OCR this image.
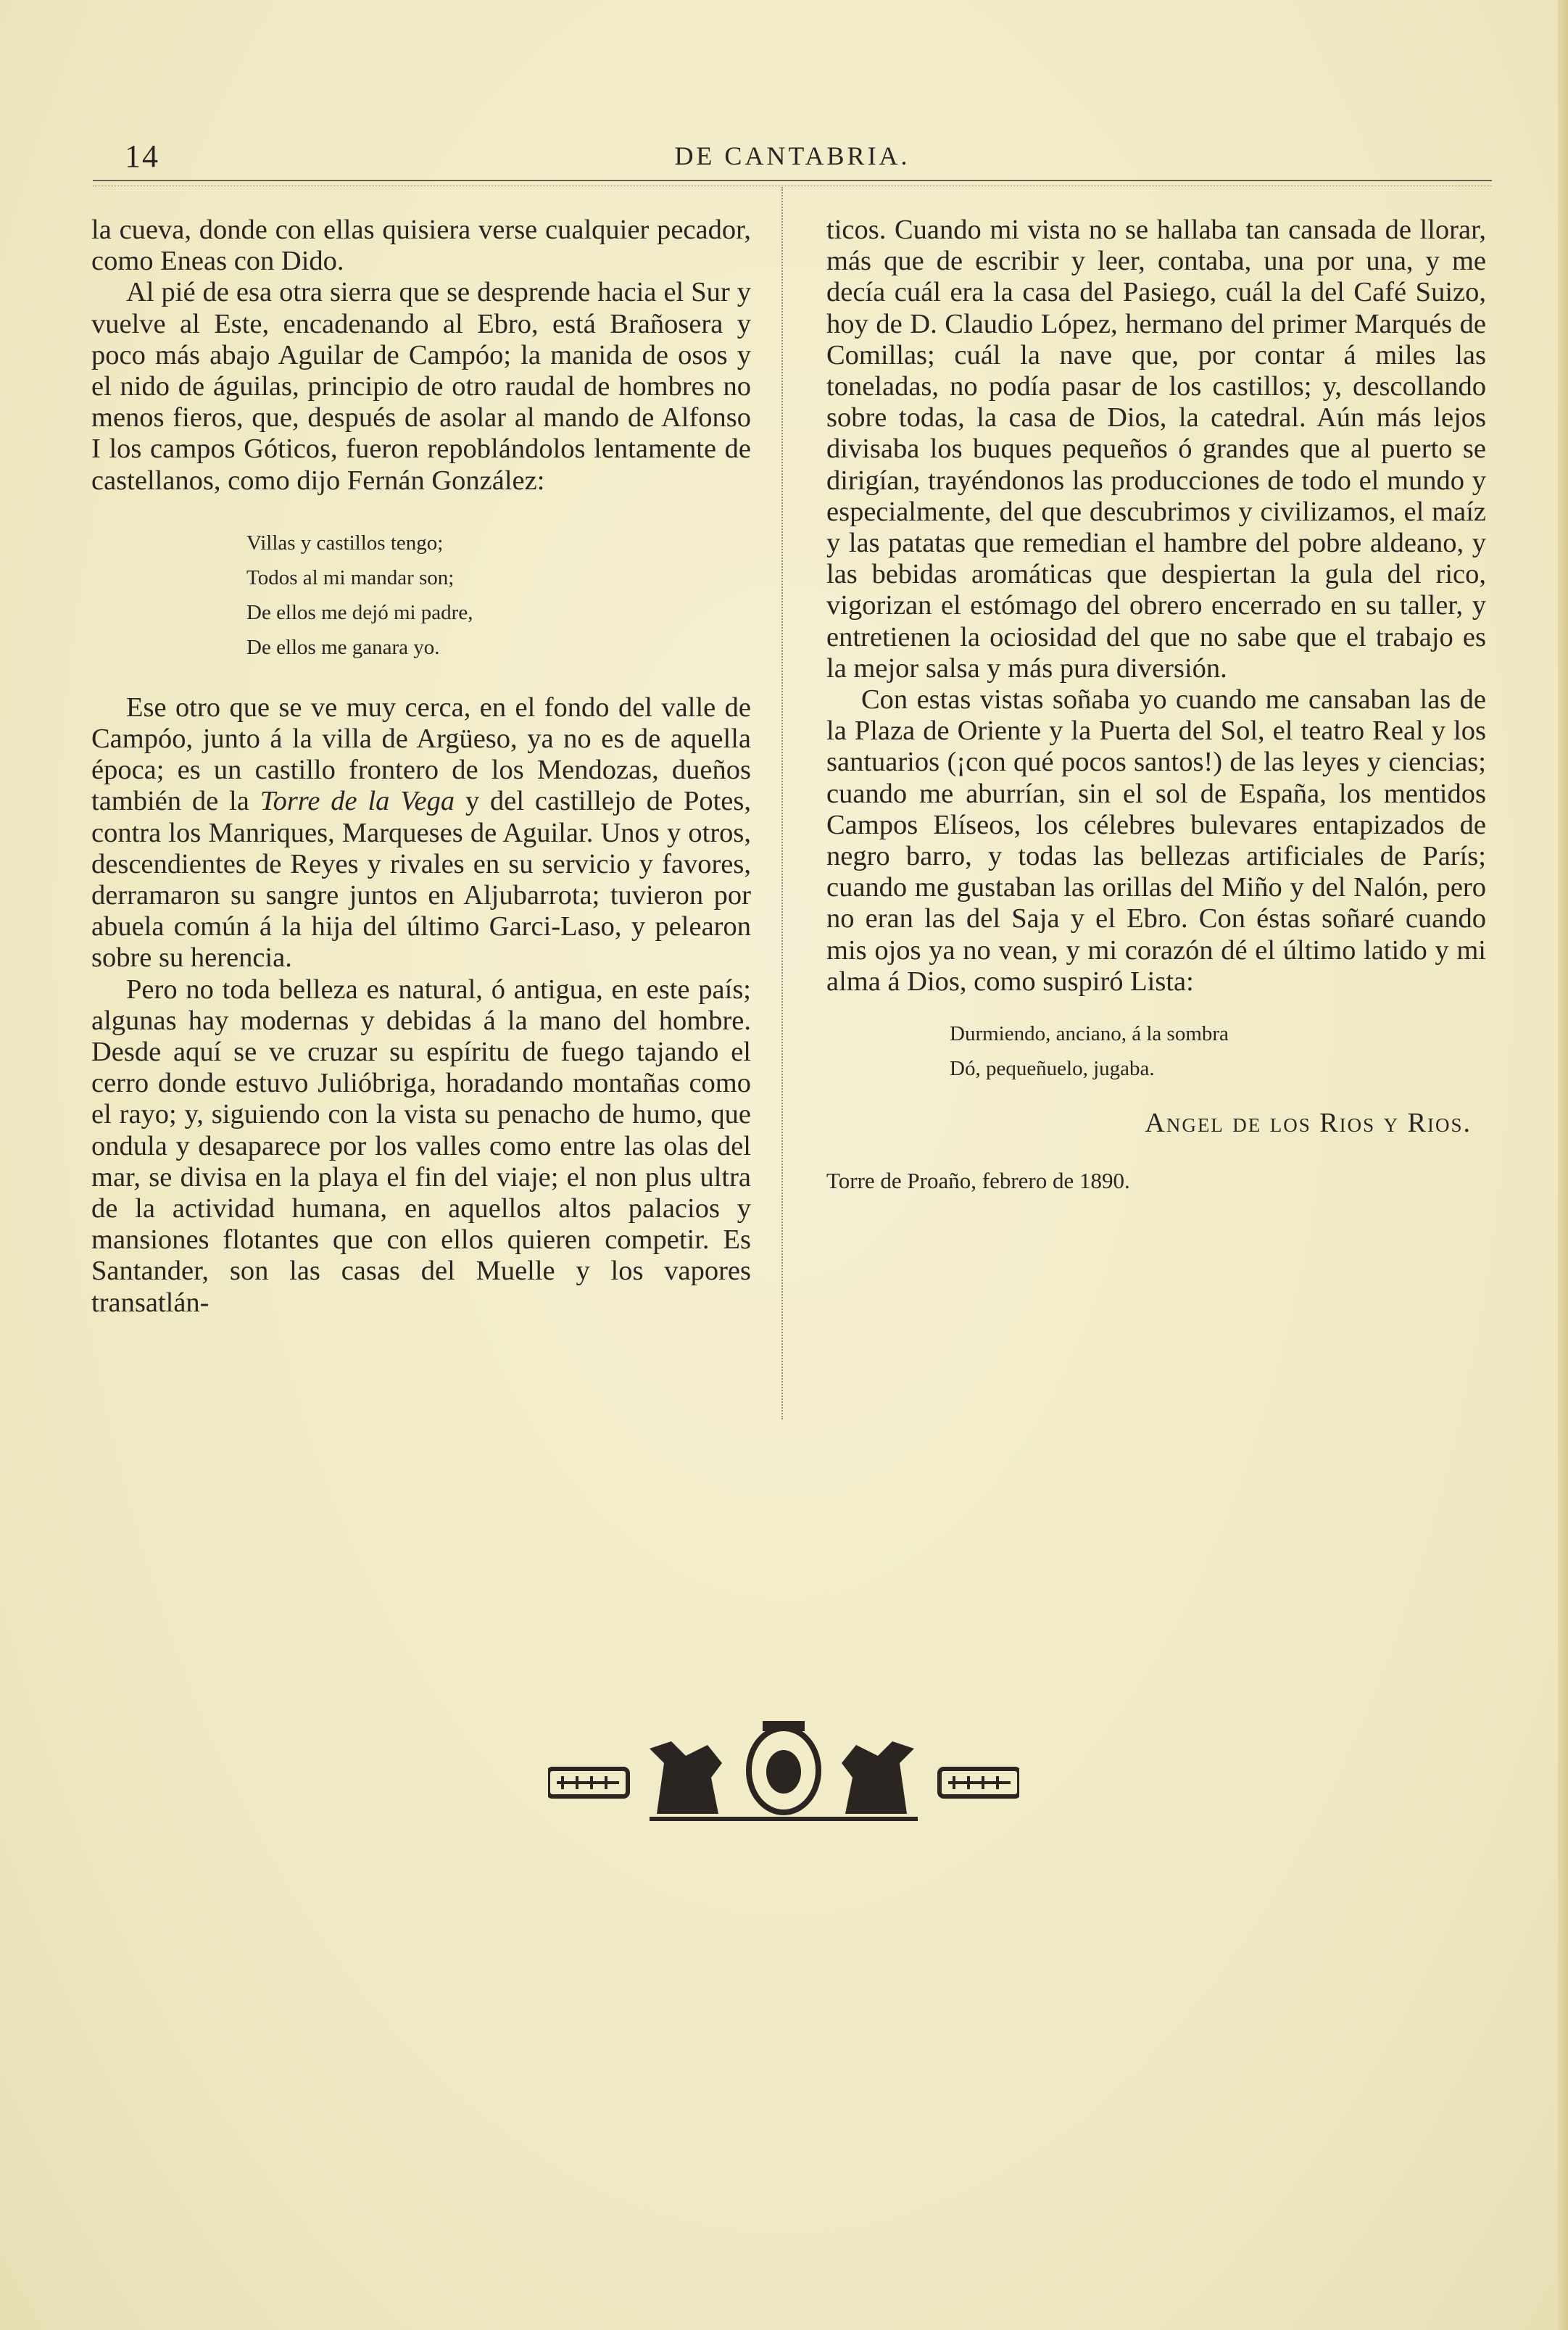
14	DE CANTABRIA.

la cueva, donde con ellas quisiera verse cualquier pecador, como Eneas con Dido.

Al pié de esa otra sierra que se desprende hacia el Sur y vuelve al Este, encadenando al Ebro, está Brañosera y poco más abajo Aguilar de Campóo; la manida de osos y el nido de águilas, principio de otro raudal de hombres no menos fieros, que, después de asolar al mando de Alfonso I los campos Góticos, fueron repoblándolos lentamente de castellanos, como dijo Fernán González:

Villas y castillos tengo;
Todos al mi mandar son;
De ellos me dejó mi padre,
De ellos me ganara yo.

Ese otro que se ve muy cerca, en el fondo del valle de Campóo, junto á la villa de Argüeso, ya no es de aquella época; es un castillo frontero de los Mendozas, dueños también de la Torre de la Vega y del castillejo de Potes, contra los Manriques, Marqueses de Aguilar. Unos y otros, descendientes de Reyes y rivales en su servicio y favores, derramaron su sangre juntos en Aljubarrota; tuvieron por abuela común á la hija del último Garci-Laso, y pelearon sobre su herencia.

Pero no toda belleza es natural, ó antigua, en este país; algunas hay modernas y debidas á la mano del hombre. Desde aquí se ve cruzar su espíritu de fuego tajando el cerro donde estuvo Julióbriga, horadando montañas como el rayo; y, siguiendo con la vista su penacho de humo, que ondula y desaparece por los valles como entre las olas del mar, se divisa en la playa el fin del viaje; el non plus ultra de la actividad humana, en aquellos altos palacios y mansiones flotantes que con ellos quieren competir. Es Santander, son las casas del Muelle y los vapores transatlán-

ticos. Cuando mi vista no se hallaba tan cansada de llorar, más que de escribir y leer, contaba, una por una, y me decía cuál era la casa del Pasiego, cuál la del Café Suizo, hoy de D. Claudio López, hermano del primer Marqués de Comillas; cuál la nave que, por contar á miles las toneladas, no podía pasar de los castillos; y, descollando sobre todas, la casa de Dios, la catedral. Aún más lejos divisaba los buques pequeños ó grandes que al puerto se dirigían, trayéndonos las producciones de todo el mundo y especialmente, del que descubrimos y civilizamos, el maíz y las patatas que remedian el hambre del pobre aldeano, y las bebidas aromáticas que despiertan la gula del rico, vigorizan el estómago del obrero encerrado en su taller, y entretienen la ociosidad del que no sabe que el trabajo es la mejor salsa y más pura diversión.

Con estas vistas soñaba yo cuando me cansaban las de la Plaza de Oriente y la Puerta del Sol, el teatro Real y los santuarios (¡con qué pocos santos!) de las leyes y ciencias; cuando me aburrían, sin el sol de España, los mentidos Campos Elíseos, los célebres bulevares entapizados de negro barro, y todas las bellezas artificiales de París; cuando me gustaban las orillas del Miño y del Nalón, pero no eran las del Saja y el Ebro. Con éstas soñaré cuando mis ojos ya no vean, y mi corazón dé el último latido y mi alma á Dios, como suspiró Lista:

Durmiendo, anciano, á la sombra
Dó, pequeñuelo, jugaba.
Angel de los Rios y Rios.
Torre de Proaño, febrero de 1890.
